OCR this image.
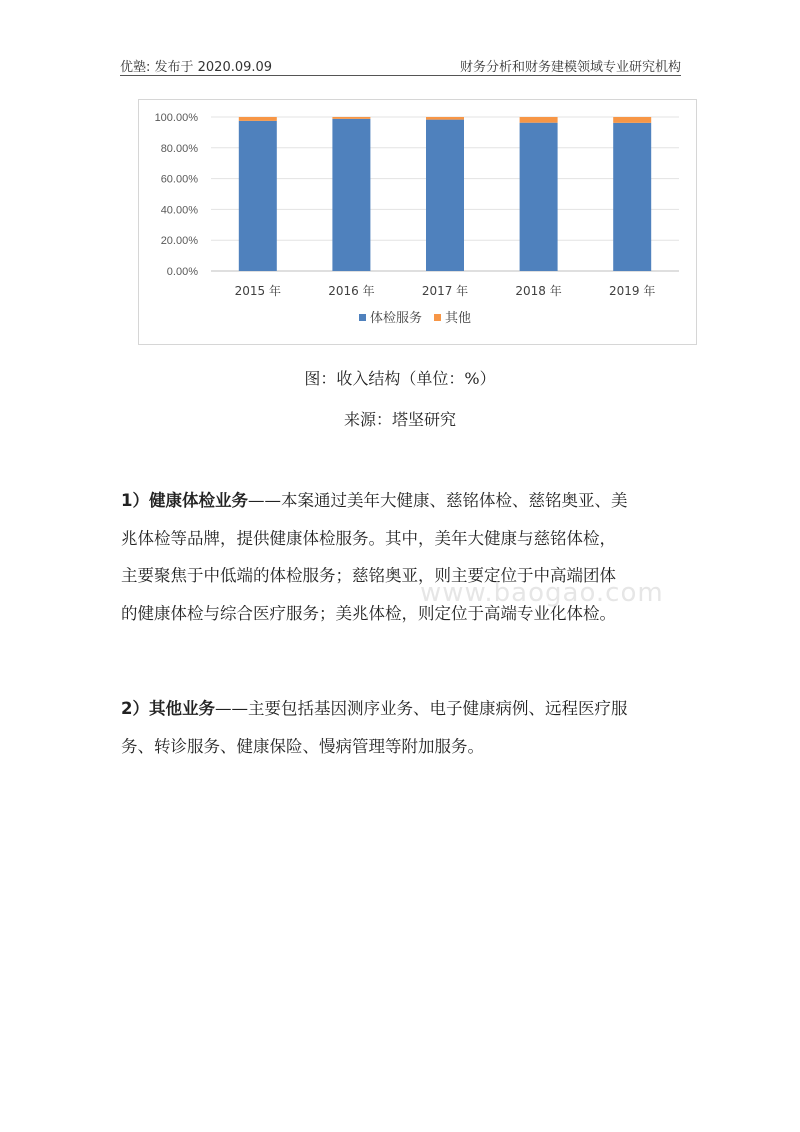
优塾: 发布于 2020.09.09	财务分析和财务建模领域专业研究机构
0.00%
20.00%
40.00%
60.00%
80.00%
100.00%
2015 年	2016 年	2017 年	2018 年	2019 年
体检服务 其他
图：收入结构（单位：%）
来源：塔坚研究
1）健康体检业务——本案通过美年大健康、慈铭体检、慈铭奥亚、美
兆体检等品牌，提供健康体检服务。其中，美年大健康与慈铭体检，
主要聚焦于中低端的体检服务；慈铭奥亚，则主要定位于中高端团体
的健康体检与综合医疗服务；美兆体检，则定位于高端专业化体检。
2）其他业务——主要包括基因测序业务、电子健康病例、远程医疗服
务、转诊服务、健康保险、慢病管理等附加服务。
www.baogao.com
